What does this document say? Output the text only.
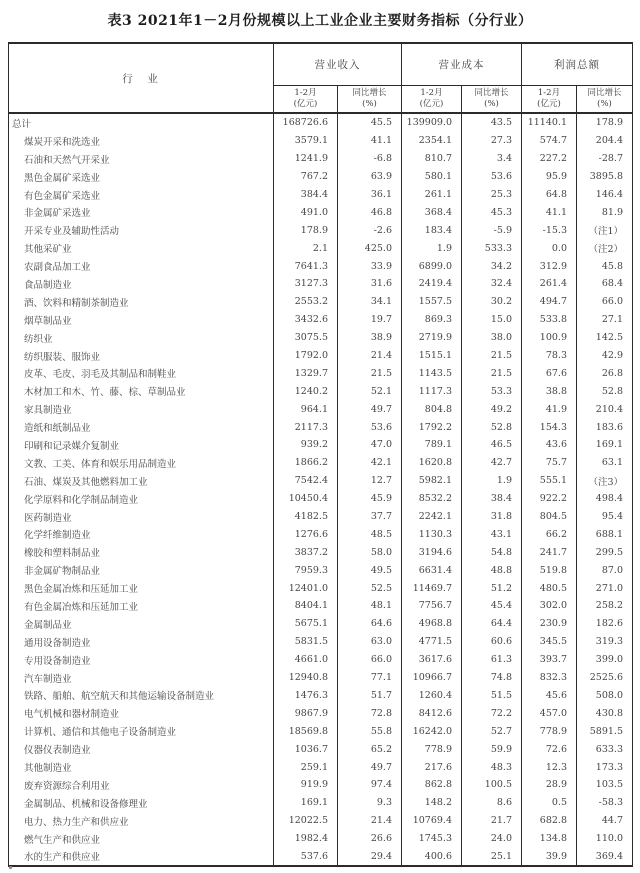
表3 2021年1－2月份规模以上工业企业主要财务指标（分行业）
行　业	营业收入		营业成本		利润总额	

1-2月
(亿元)

同比增长
(%)

1-2月
(亿元)

同比增长
(%)

1-2月
(亿元)

同比增长
(%)

总计	168726.6	45.5	139909.0	43.5	11140.1	178.9
煤炭开采和洗选业	3579.1	41.1	2354.1	27.3	574.7	204.4
石油和天然气开采业	1241.9	-6.8	810.7	3.4	227.2	-28.7
黑色金属矿采选业	767.2	63.9	580.1	53.6	95.9	3895.8
有色金属矿采选业	384.4	36.1	261.1	25.3	64.8	146.4
非金属矿采选业	491.0	46.8	368.4	45.3	41.1	81.9
开采专业及辅助性活动	178.9	-2.6	183.4	-5.9	-15.3	（注1）
其他采矿业	2.1	425.0	1.9	533.3	0.0	（注2）
农副食品加工业	7641.3	33.9	6899.0	34.2	312.9	45.8
食品制造业	3127.3	31.6	2419.4	32.4	261.4	68.4
酒、饮料和精制茶制造业	2553.2	34.1	1557.5	30.2	494.7	66.0
烟草制品业	3432.6	19.7	869.3	15.0	533.8	27.1
纺织业	3075.5	38.9	2719.9	38.0	100.9	142.5
纺织服装、服饰业	1792.0	21.4	1515.1	21.5	78.3	42.9
皮革、毛皮、羽毛及其制品和制鞋业	1329.7	21.5	1143.5	21.5	67.6	26.8
木材加工和木、竹、藤、棕、草制品业	1240.2	52.1	1117.3	53.3	38.8	52.8
家具制造业	964.1	49.7	804.8	49.2	41.9	210.4
造纸和纸制品业	2117.3	53.6	1792.2	52.8	154.3	183.6
印刷和记录媒介复制业	939.2	47.0	789.1	46.5	43.6	169.1
文教、工美、体育和娱乐用品制造业	1866.2	42.1	1620.8	42.7	75.7	63.1
石油、煤炭及其他燃料加工业	7542.4	12.7	5982.1	1.9	555.1	（注3）
化学原料和化学制品制造业	10450.4	45.9	8532.2	38.4	922.2	498.4
医药制造业	4182.5	37.7	2242.1	31.8	804.5	95.4
化学纤维制造业	1276.6	48.5	1130.3	43.1	66.2	688.1
橡胶和塑料制品业	3837.2	58.0	3194.6	54.8	241.7	299.5
非金属矿物制品业	7959.3	49.5	6631.4	48.8	519.8	87.0
黑色金属冶炼和压延加工业	12401.0	52.5	11469.7	51.2	480.5	271.0
有色金属冶炼和压延加工业	8404.1	48.1	7756.7	45.4	302.0	258.2
金属制品业	5675.1	64.6	4968.8	64.4	230.9	182.6
通用设备制造业	5831.5	63.0	4771.5	60.6	345.5	319.3
专用设备制造业	4661.0	66.0	3617.6	61.3	393.7	399.0
汽车制造业	12940.8	77.1	10966.7	74.8	832.3	2525.6
铁路、船舶、航空航天和其他运输设备制造业	1476.3	51.7	1260.4	51.5	45.6	508.0
电气机械和器材制造业	9867.9	72.8	8412.6	72.2	457.0	430.8
计算机、通信和其他电子设备制造业	18569.8	55.8	16242.0	52.7	778.9	5891.5
仪器仪表制造业	1036.7	65.2	778.9	59.9	72.6	633.3
其他制造业	259.1	49.7	217.6	48.3	12.3	173.3
废弃资源综合利用业	919.9	97.4	862.8	100.5	28.9	103.5
金属制品、机械和设备修理业	169.1	9.3	148.2	8.6	0.5	-58.3
电力、热力生产和供应业	12022.5	21.4	10769.4	21.7	682.8	44.7
燃气生产和供应业	1982.4	26.6	1745.3	24.0	134.8	110.0
水的生产和供应业	537.6	29.4	400.6	25.1	39.9	369.4
